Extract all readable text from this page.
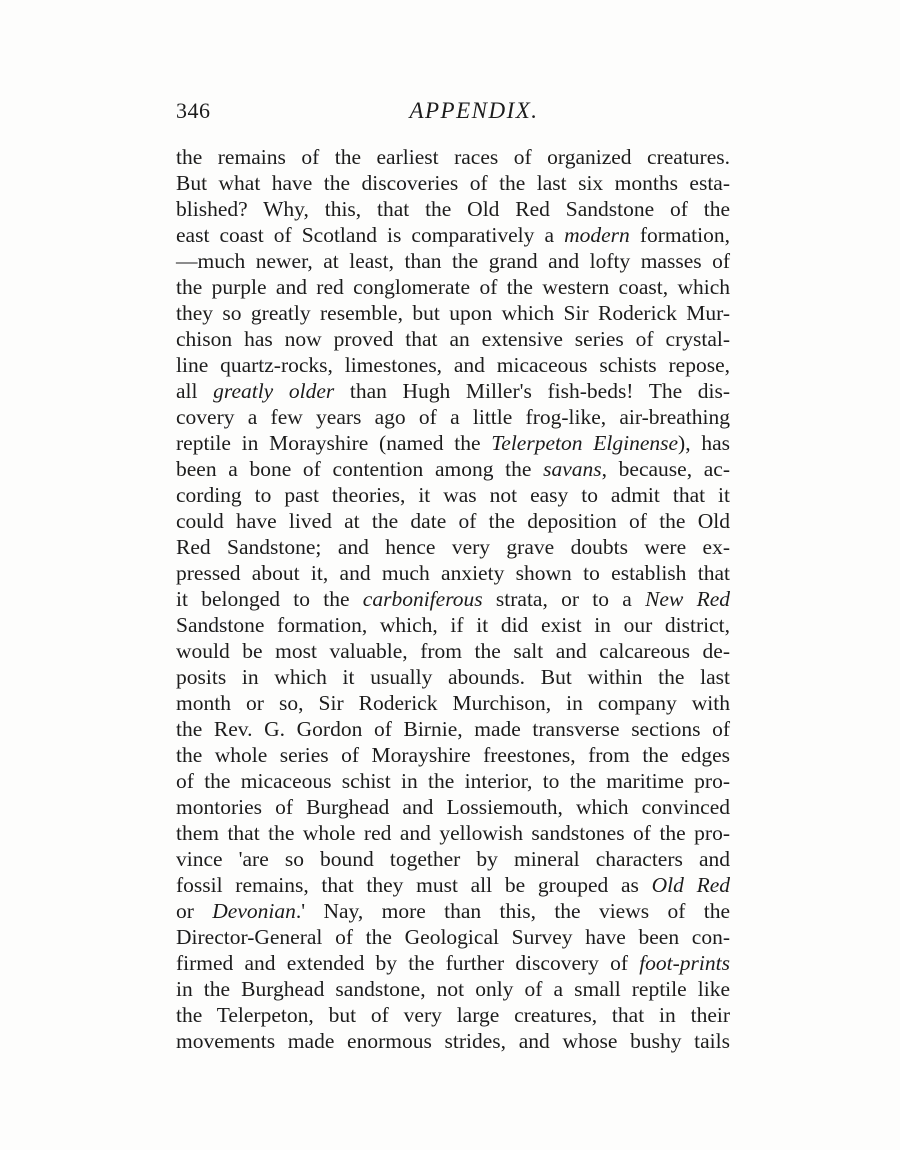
346	APPENDIX.
the remains of the earliest races of organized creatures.
But what have the discoveries of the last six months esta-
blished? Why, this, that the Old Red Sandstone of the
east coast of Scotland is comparatively a modern formation,
—much newer, at least, than the grand and lofty masses of
the purple and red conglomerate of the western coast, which
they so greatly resemble, but upon which Sir Roderick Mur-
chison has now proved that an extensive series of crystal-
line quartz-rocks, limestones, and micaceous schists repose,
all greatly older than Hugh Miller's fish-beds! The dis-
covery a few years ago of a little frog-like, air-breathing
reptile in Morayshire (named the Telerpeton Elginense), has
been a bone of contention among the savans, because, ac-
cording to past theories, it was not easy to admit that it
could have lived at the date of the deposition of the Old
Red Sandstone; and hence very grave doubts were ex-
pressed about it, and much anxiety shown to establish that
it belonged to the carboniferous strata, or to a New Red
Sandstone formation, which, if it did exist in our district,
would be most valuable, from the salt and calcareous de-
posits in which it usually abounds. But within the last
month or so, Sir Roderick Murchison, in company with
the Rev. G. Gordon of Birnie, made transverse sections of
the whole series of Morayshire freestones, from the edges
of the micaceous schist in the interior, to the maritime pro-
montories of Burghead and Lossiemouth, which convinced
them that the whole red and yellowish sandstones of the pro-
vince 'are so bound together by mineral characters and
fossil remains, that they must all be grouped as Old Red
or Devonian.' Nay, more than this, the views of the
Director-General of the Geological Survey have been con-
firmed and extended by the further discovery of foot-prints
in the Burghead sandstone, not only of a small reptile like
the Telerpeton, but of very large creatures, that in their
movements made enormous strides, and whose bushy tails
